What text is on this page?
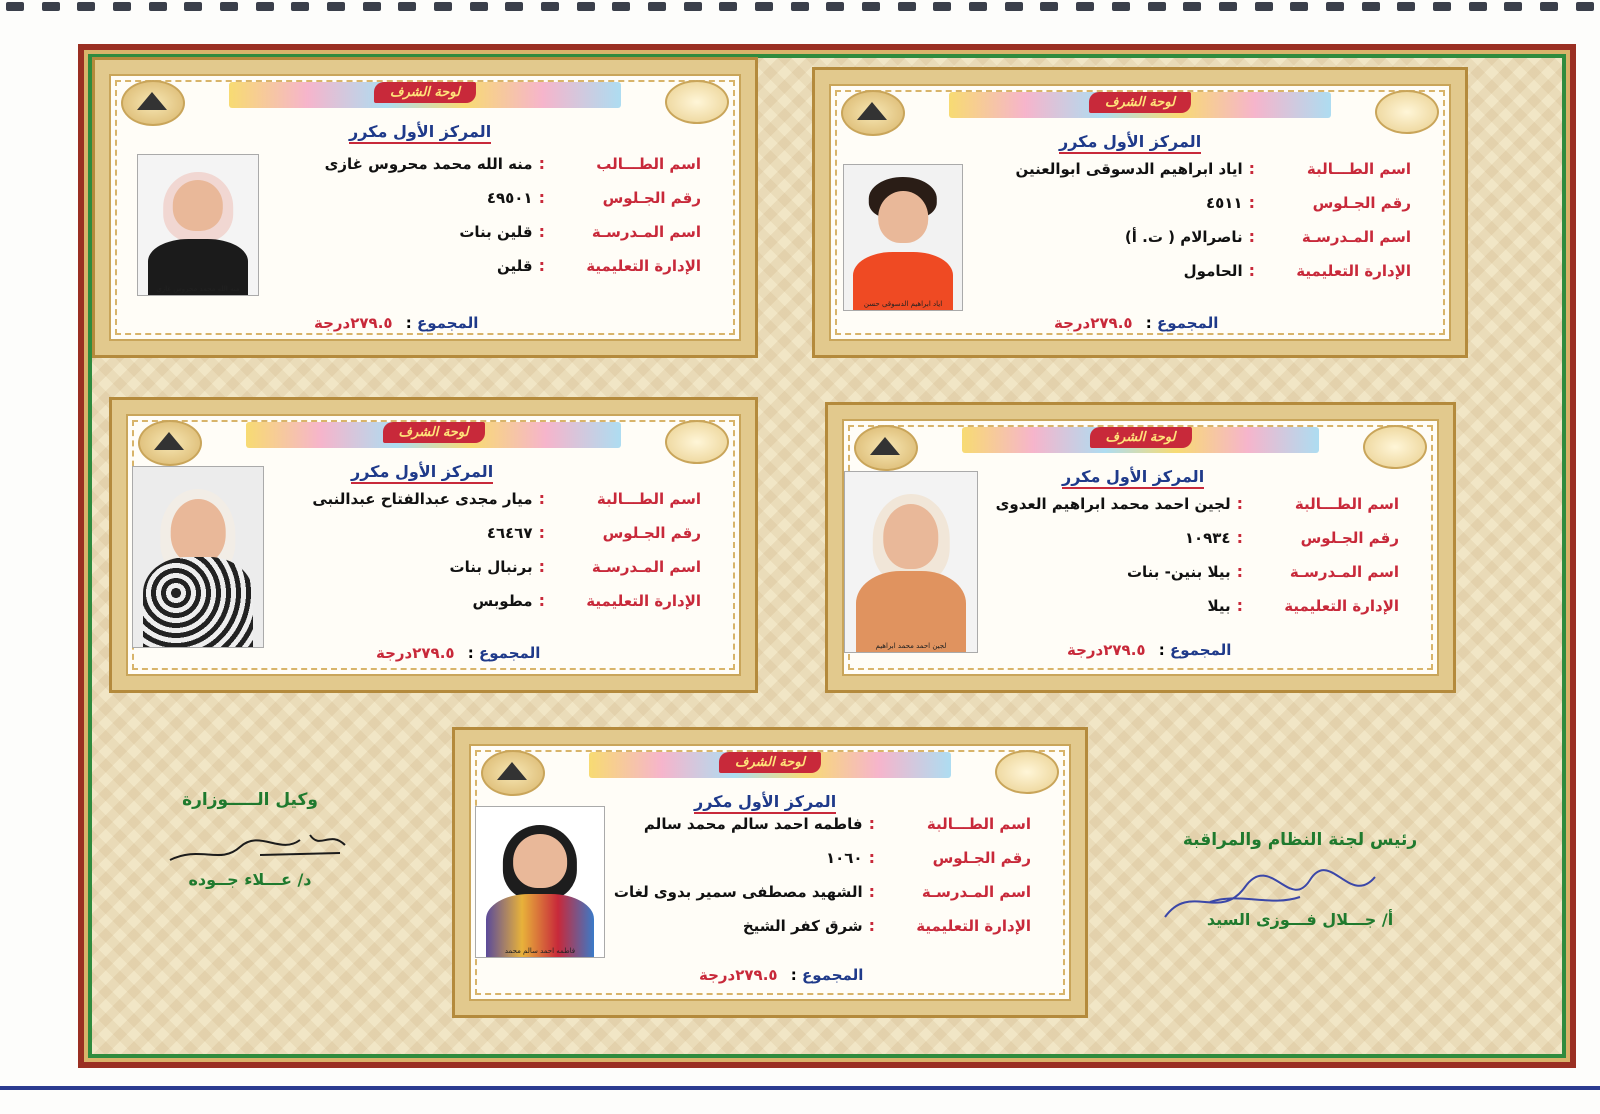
لوحة الشرف
المركز الأول مكرر
منه الله محمد محروس غازى
اسم الطـــالب
:
منه الله محمد محروس غازى
رقم الجـلوس
:
٤٩٥٠١
اسم المـدرسـة
:
قلين بنات
الإدارة التعليمية
:
قلين
المجموع : ٢٧٩.٥درجة
لوحة الشرف
المركز الأول مكرر
اياد ابراهيم الدسوقى حسن
اسم الطـــالبة
:
اياد ابراهيم الدسوقى ابوالعنين
رقم الجـلوس
:
٤٥١١
اسم المـدرسـة
:
ناصرالام ( ت. أ)
الإدارة التعليمية
:
الحامول
المجموع : ٢٧٩.٥درجة
لوحة الشرف
المركز الأول مكرر
اسم الطـــالبة
:
ميار مجدى عبدالفتاح عبدالنبى
رقم الجـلوس
:
٤٦٤٦٧
اسم المـدرسـة
:
برنبال بنات
الإدارة التعليمية
:
مطوبس
المجموع : ٢٧٩.٥درجة
لوحة الشرف
المركز الأول مكرر
لجين احمد محمد ابراهيم
اسم الطـــالبة
:
لجين احمد محمد ابراهيم العدوى
رقم الجـلوس
:
١٠٩٣٤
اسم المـدرسـة
:
بيلا بنين- بنات
الإدارة التعليمية
:
بيلا
المجموع : ٢٧٩.٥درجة
لوحة الشرف
المركز الأول مكرر
فاطمه احمد سالم محمد
اسم الطـــالبة
:
فاطمه احمد سالم محمد سالم
رقم الجـلوس
:
١٠٦٠
اسم المـدرسـة
:
الشهيد مصطفى سمير بدوى لغات
الإدارة التعليمية
:
شرق كفر الشيخ
المجموع : ٢٧٩.٥درجة
وكيل الـــــوزارة
د/ عـــلاء جــوده
رئيس لجنة النظام والمراقبة
أ/ جـــلال فـــوزى السيد
